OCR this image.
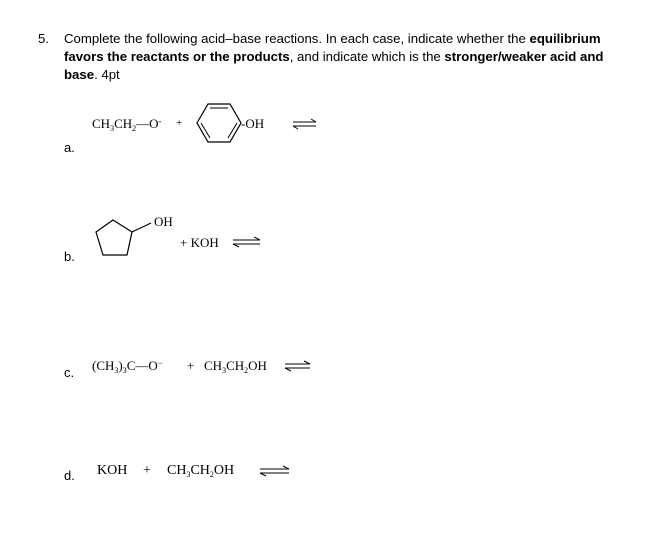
5. Complete the following acid–base reactions. In each case, indicate whether the equilibrium favors the reactants or the products, and indicate which is the stronger/weaker acid and base. 4pt
a.
$CH_3CH_2—O^-$ +	-OH
b.
OH
+ KOH ⇌
c. $(CH_3)_3C—O^- + CH_3CH_2OH$ ⇌
d. KOH + $CH_3CH_2OH$
